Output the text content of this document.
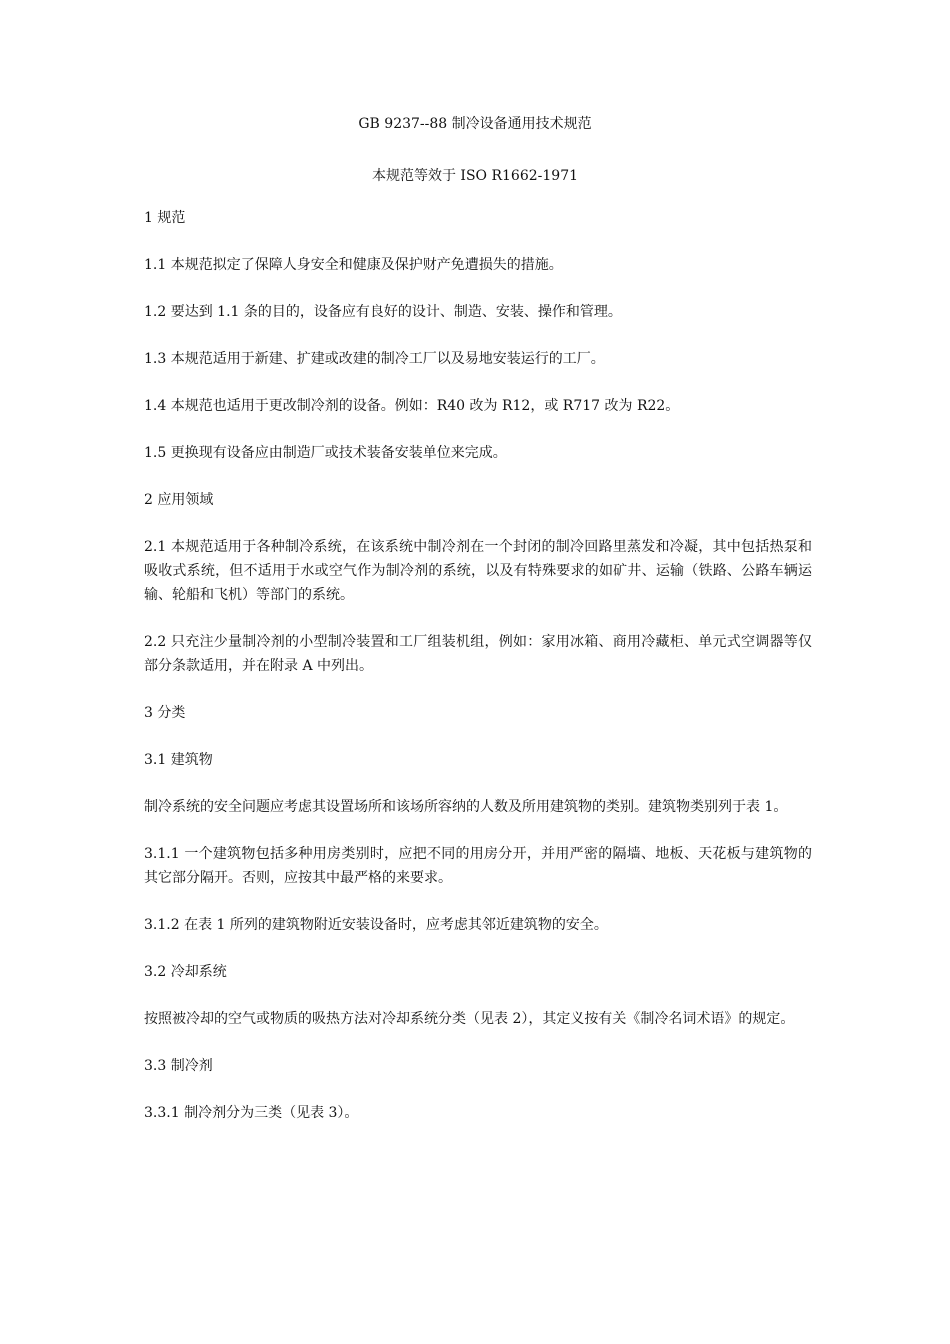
GB 9237--88 制冷设备通用技术规范

本规范等效于 ISO R1662-1971

1 规范

1.1 本规范拟定了保障人身安全和健康及保护财产免遭损失的措施。

1.2 要达到 1.1 条的目的，设备应有良好的设计、制造、安装、操作和管理。

1.3 本规范适用于新建、扩建或改建的制冷工厂以及易地安装运行的工厂。

1.4 本规范也适用于更改制冷剂的设备。例如：R40 改为 R12，或 R717 改为 R22。

1.5 更换现有设备应由制造厂或技术装备安装单位来完成。

2 应用领域

2.1 本规范适用于各种制冷系统，在该系统中制冷剂在一个封闭的制冷回路里蒸发和冷凝，其中包括热泵和吸收式系统，但不适用于水或空气作为制冷剂的系统，以及有特殊要求的如矿井、运输（铁路、公路车辆运输、轮船和飞机）等部门的系统。

2.2 只充注少量制冷剂的小型制冷装置和工厂组装机组，例如：家用冰箱、商用冷藏柜、单元式空调器等仅部分条款适用，并在附录 A 中列出。

3 分类

3.1 建筑物

制冷系统的安全问题应考虑其设置场所和该场所容纳的人数及所用建筑物的类别。建筑物类别列于表 1。

3.1.1 一个建筑物包括多种用房类别时，应把不同的用房分开，并用严密的隔墙、地板、天花板与建筑物的其它部分隔开。否则，应按其中最严格的来要求。

3.1.2 在表 1 所列的建筑物附近安装设备时，应考虑其邻近建筑物的安全。

3.2 冷却系统

按照被冷却的空气或物质的吸热方法对冷却系统分类（见表 2），其定义按有关《制冷名词术语》的规定。

3.3 制冷剂

3.3.1 制冷剂分为三类（见表 3）。
